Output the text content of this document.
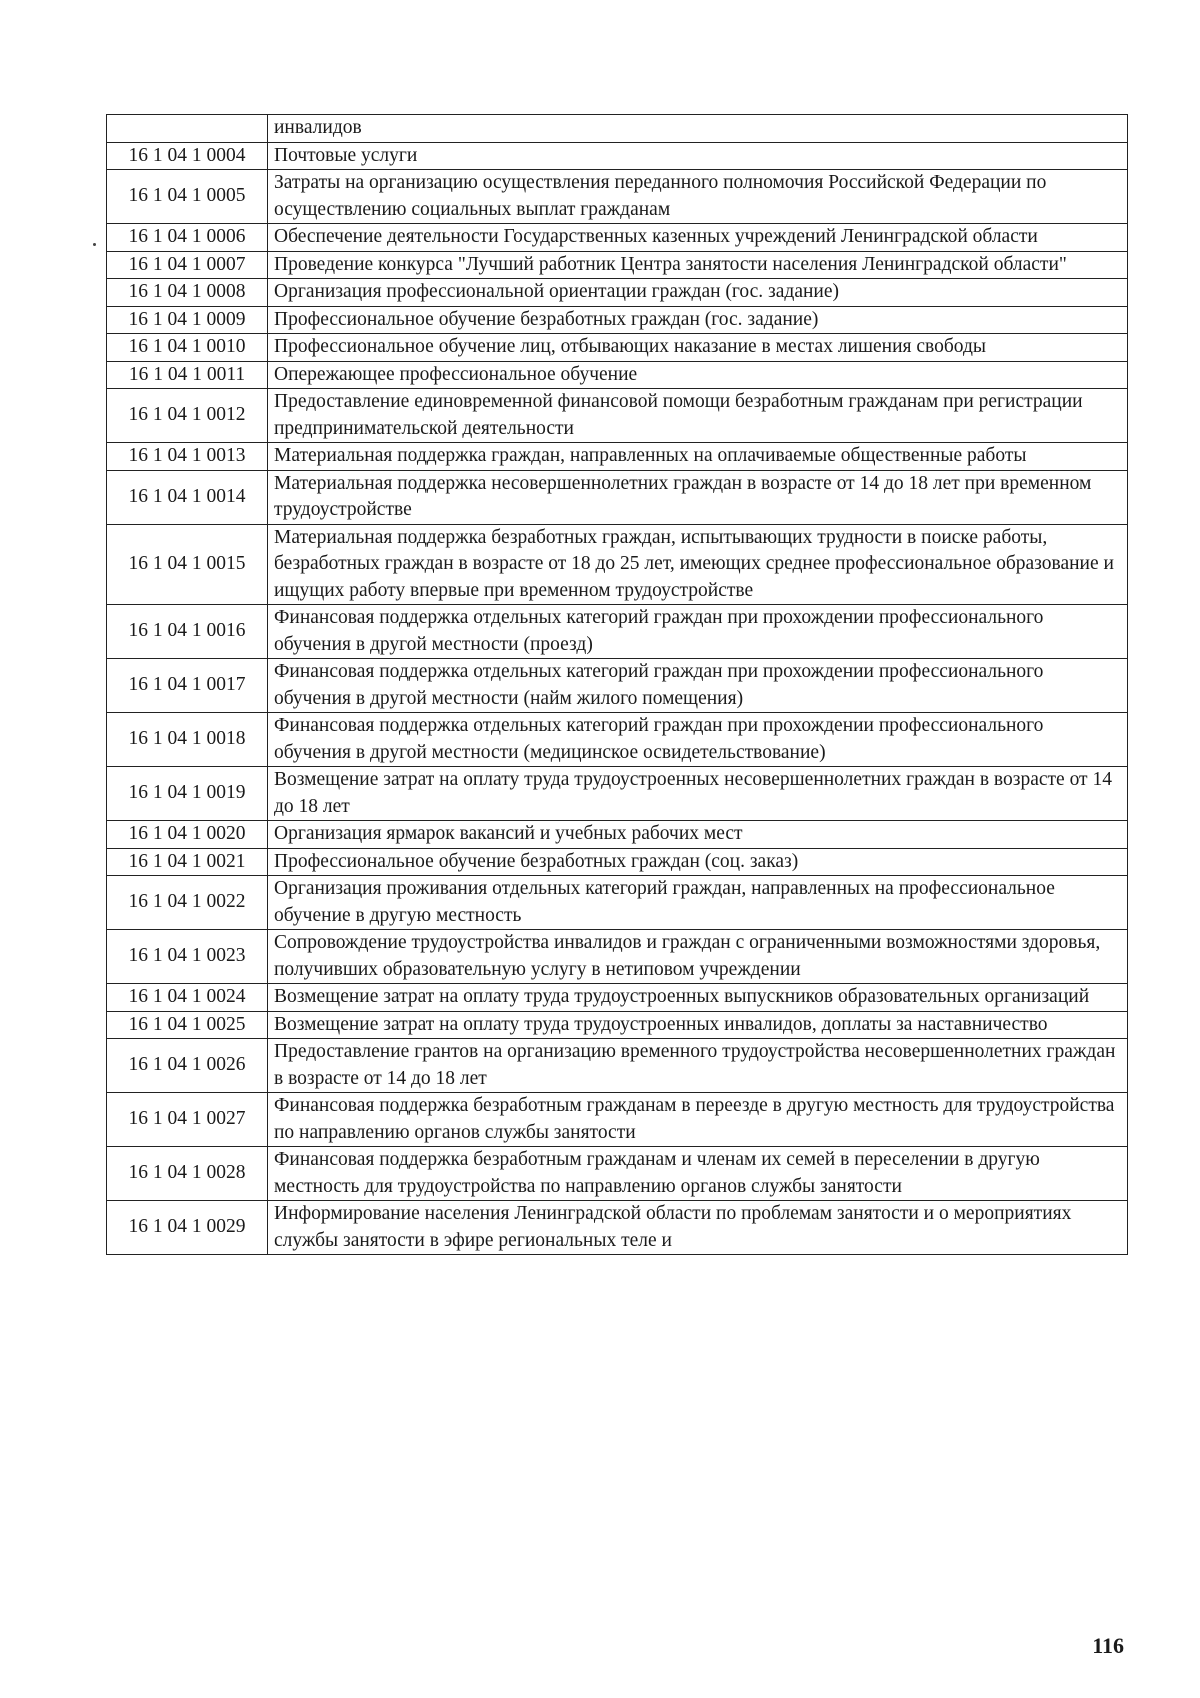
	инвалидов
16 1 04 1 0004	Почтовые услуги
16 1 04 1 0005	Затраты на организацию осуществления переданного полномочия Российской Федерации по осуществлению социальных выплат гражданам
16 1 04 1 0006	Обеспечение деятельности Государственных казенных учреждений Ленинградской области
16 1 04 1 0007	Проведение конкурса "Лучший работник Центра занятости населения Ленинградской области"
16 1 04 1 0008	Организация профессиональной ориентации граждан (гос. задание)
16 1 04 1 0009	Профессиональное обучение безработных граждан (гос. задание)
16 1 04 1 0010	Профессиональное обучение лиц, отбывающих наказание в местах лишения свободы
16 1 04 1 0011	Опережающее профессиональное обучение
16 1 04 1 0012	Предоставление единовременной финансовой помощи безработным гражданам при регистрации предпринимательской деятельности
16 1 04 1 0013	Материальная поддержка граждан, направленных на оплачиваемые общественные работы
16 1 04 1 0014	Материальная поддержка несовершеннолетних граждан в возрасте от 14 до 18 лет при временном трудоустройстве
16 1 04 1 0015	Материальная поддержка безработных граждан, испытывающих трудности в поиске работы, безработных граждан в возрасте от 18 до 25 лет, имеющих среднее профессиональное образование и ищущих работу впервые при временном трудоустройстве
16 1 04 1 0016	Финансовая поддержка отдельных категорий граждан при прохождении профессионального обучения в другой местности (проезд)
16 1 04 1 0017	Финансовая поддержка отдельных категорий граждан при прохождении профессионального обучения в другой местности (найм жилого помещения)
16 1 04 1 0018	Финансовая поддержка отдельных категорий граждан при прохождении профессионального обучения в другой местности (медицинское освидетельствование)
16 1 04 1 0019	Возмещение затрат на оплату труда трудоустроенных несовершеннолетних граждан в возрасте от 14 до 18 лет
16 1 04 1 0020	Организация ярмарок вакансий и учебных рабочих мест
16 1 04 1 0021	Профессиональное обучение безработных граждан (соц. заказ)
16 1 04 1 0022	Организация проживания отдельных категорий граждан, направленных на профессиональное обучение в другую местность
16 1 04 1 0023	Сопровождение трудоустройства инвалидов и граждан с ограниченными возможностями здоровья, получивших образовательную услугу в нетиповом учреждении
16 1 04 1 0024	Возмещение затрат на оплату труда трудоустроенных выпускников образовательных организаций
16 1 04 1 0025	Возмещение затрат на оплату труда трудоустроенных инвалидов, доплаты за наставничество
16 1 04 1 0026	Предоставление грантов на организацию временного трудоустройства несовершеннолетних граждан в возрасте от 14 до 18 лет
16 1 04 1 0027	Финансовая поддержка безработным гражданам в переезде в другую местность для трудоустройства по направлению органов службы занятости
16 1 04 1 0028	Финансовая поддержка безработным гражданам и членам их семей в переселении в другую местность для трудоустройства по направлению органов службы занятости
16 1 04 1 0029	Информирование населения Ленинградской области по проблемам занятости и о мероприятиях службы занятости в эфире региональных теле и
116
